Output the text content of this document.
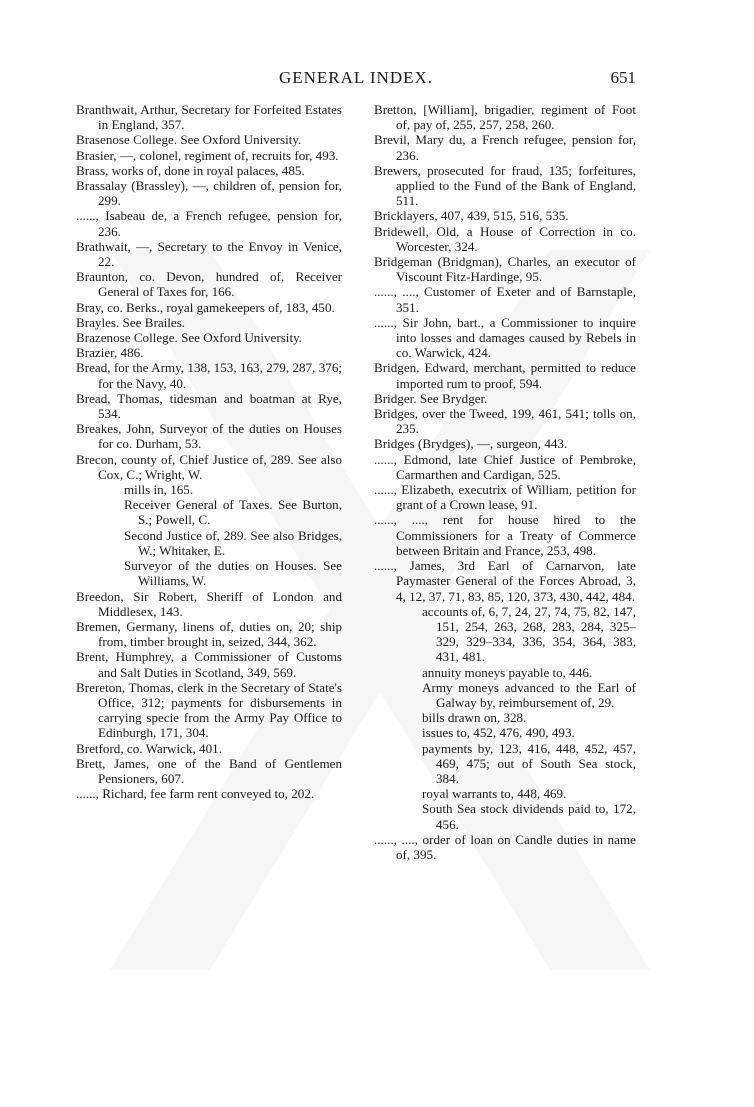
GENERAL INDEX.	651

Branthwait, Arthur, Secretary for Forfeited Estates in England, 357.

Brasenose College. See Oxford University.

Brasier, —, colonel, regiment of, recruits for, 493.

Brass, works of, done in royal palaces, 485.

Brassalay (Brassley), —, children of, pension for, 299.

......, Isabeau de, a French refugee, pension for, 236.

Brathwait, —, Secretary to the Envoy in Venice, 22.

Braunton, co. Devon, hundred of, Receiver General of Taxes for, 166.

Bray, co. Berks., royal gamekeepers of, 183, 450.

Brayles. See Brailes.

Brazenose College. See Oxford University.

Brazier, 486.

Bread, for the Army, 138, 153, 163, 279, 287, 376; for the Navy, 40.

Bread, Thomas, tidesman and boatman at Rye, 534.

Breakes, John, Surveyor of the duties on Houses for co. Durham, 53.

Brecon, county of, Chief Justice of, 289. See also Cox, C.; Wright, W.

mills in, 165.

Receiver General of Taxes. See Burton, S.; Powell, C.

Second Justice of, 289. See also Bridges, W.; Whitaker, E.

Surveyor of the duties on Houses. See Williams, W.

Breedon, Sir Robert, Sheriff of London and Middlesex, 143.

Bremen, Germany, linens of, duties on, 20; ship from, timber brought in, seized, 344, 362.

Brent, Humphrey, a Commissioner of Customs and Salt Duties in Scotland, 349, 569.

Brereton, Thomas, clerk in the Secretary of State's Office, 312; payments for disbursements in carrying specie from the Army Pay Office to Edinburgh, 171, 304.

Bretford, co. Warwick, 401.

Brett, James, one of the Band of Gentlemen Pensioners, 607.

......, Richard, fee farm rent conveyed to, 202.

Bretton, [William], brigadier, regiment of Foot of, pay of, 255, 257, 258, 260.

Brevil, Mary du, a French refugee, pension for, 236.

Brewers, prosecuted for fraud, 135; forfeitures, applied to the Fund of the Bank of England, 511.

Bricklayers, 407, 439, 515, 516, 535.

Bridewell, Old, a House of Correction in co. Worcester, 324.

Bridgeman (Bridgman), Charles, an executor of Viscount Fitz-Hardinge, 95.

......, ...., Customer of Exeter and of Barnstaple, 351.

......, Sir John, bart., a Commissioner to inquire into losses and damages caused by Rebels in co. Warwick, 424.

Bridgen, Edward, merchant, permitted to reduce imported rum to proof, 594.

Bridger. See Brydger.

Bridges, over the Tweed, 199, 461, 541; tolls on, 235.

Bridges (Brydges), —, surgeon, 443.

......, Edmond, late Chief Justice of Pembroke, Carmarthen and Cardigan, 525.

......, Elizabeth, executrix of William, petition for grant of a Crown lease, 91.

......, ...., rent for house hired to the Commissioners for a Treaty of Commerce between Britain and France, 253, 498.

......, James, 3rd Earl of Carnarvon, late Paymaster General of the Forces Abroad, 3, 4, 12, 37, 71, 83, 85, 120, 373, 430, 442, 484.

accounts of, 6, 7, 24, 27, 74, 75, 82, 147, 151, 254, 263, 268, 283, 284, 325–329, 329–334, 336, 354, 364, 383, 431, 481.

annuity moneys payable to, 446.

Army moneys advanced to the Earl of Galway by, reimbursement of, 29.

bills drawn on, 328.

issues to, 452, 476, 490, 493.

payments by, 123, 416, 448, 452, 457, 469, 475; out of South Sea stock, 384.

royal warrants to, 448, 469.

South Sea stock dividends paid to, 172, 456.

......, ...., order of loan on Candle duties in name of, 395.
